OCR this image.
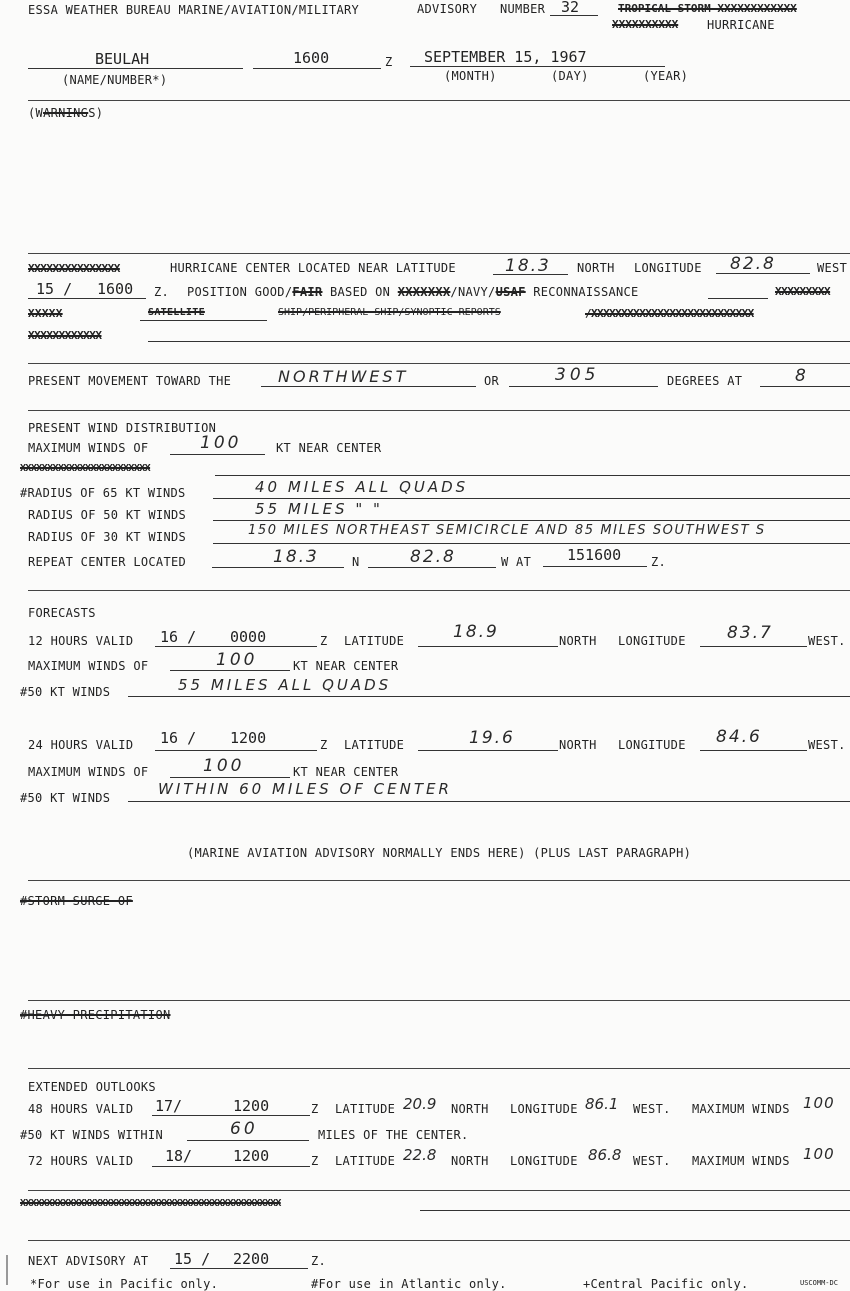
ESSA WEATHER BUREAU MARINE/AVIATION/MILITARY	ADVISORY NUMBER 32	TROPICAL STORM XXXXXXXXXXXX
XXXXXXXXXX HURRICANE
BEULAH	1600	Z SEPTEMBER 15, 1967
(NAME/NUMBER*)	(MONTH)	(DAY)	(YEAR)
(WARNINGS)
XXXXXXXXXXXXXXX	HURRICANE CENTER LOCATED NEAR LATITUDE	18.3 NORTH LONGITUDE 82.8	WEST
15 / 1600 Z. POSITION GOOD/FAIR BASED ON XXXXXXX/NAVY/USAF RECONNAISSANCE	XXXXXXXXX
XXXXX	SATELLITE	SHIP/PERIPHERAL SHIP/SYNOPTIC REPORTS	/XXXXXXXXXXXXXXXXXXXXXXXXXXX
XXXXXXXXXXXX
PRESENT MOVEMENT TOWARD THE	NORTHWEST	OR	305	DEGREES AT	8
PRESENT WIND DISTRIBUTION
MAXIMUM WINDS OF	100	KT NEAR CENTER
XXXXXXXXXXXXXXXXXXXXXXXX
#RADIUS OF 65 KT WINDS	40 MILES ALL QUADS
RADIUS OF 50 KT WINDS	55 MILES " "
RADIUS OF 30 KT WINDS	150 MILES NORTHEAST SEMICIRCLE AND 85 MILES SOUTHWEST S
REPEAT CENTER LOCATED	18.3	N	82.8	W AT 151600 Z.
FORECASTS
12 HOURS VALID 16 / 0000	Z LATITUDE	18.9	NORTH LONGITUDE 83.7	WEST.
MAXIMUM WINDS OF	100	KT NEAR CENTER
#50 KT WINDS	55 MILES ALL QUADS
24 HOURS VALID 16 / 1200	Z LATITUDE	19.6	NORTH LONGITUDE 84.6	WEST.
MAXIMUM WINDS OF	100	KT NEAR CENTER
#50 KT WINDS	WITHIN 60 MILES OF CENTER
(MARINE AVIATION ADVISORY NORMALLY ENDS HERE) (PLUS LAST PARAGRAPH)
#STORM SURGE OF
#HEAVY PRECIPITATION
EXTENDED OUTLOOKS
48 HOURS VALID 17/	1200	Z LATITUDE 20.9 NORTH LONGITUDE 86.1 WEST. MAXIMUM WINDS 100
#50 KT WINDS WITHIN	60	MILES OF THE CENTER.
72 HOURS VALID 18/	1200	Z LATITUDE 22.8 NORTH LONGITUDE 86.8 WEST. MAXIMUM WINDS 100
XXXXXXXXXXXXXXXXXXXXXXXXXXXXXXXXXXXXXXXXXXXXXXXXX
NEXT ADVISORY AT 15 / 2200	Z.
*For use in Pacific only.	#For use in Atlantic only.	+Central Pacific only.	USCOMM-DC
